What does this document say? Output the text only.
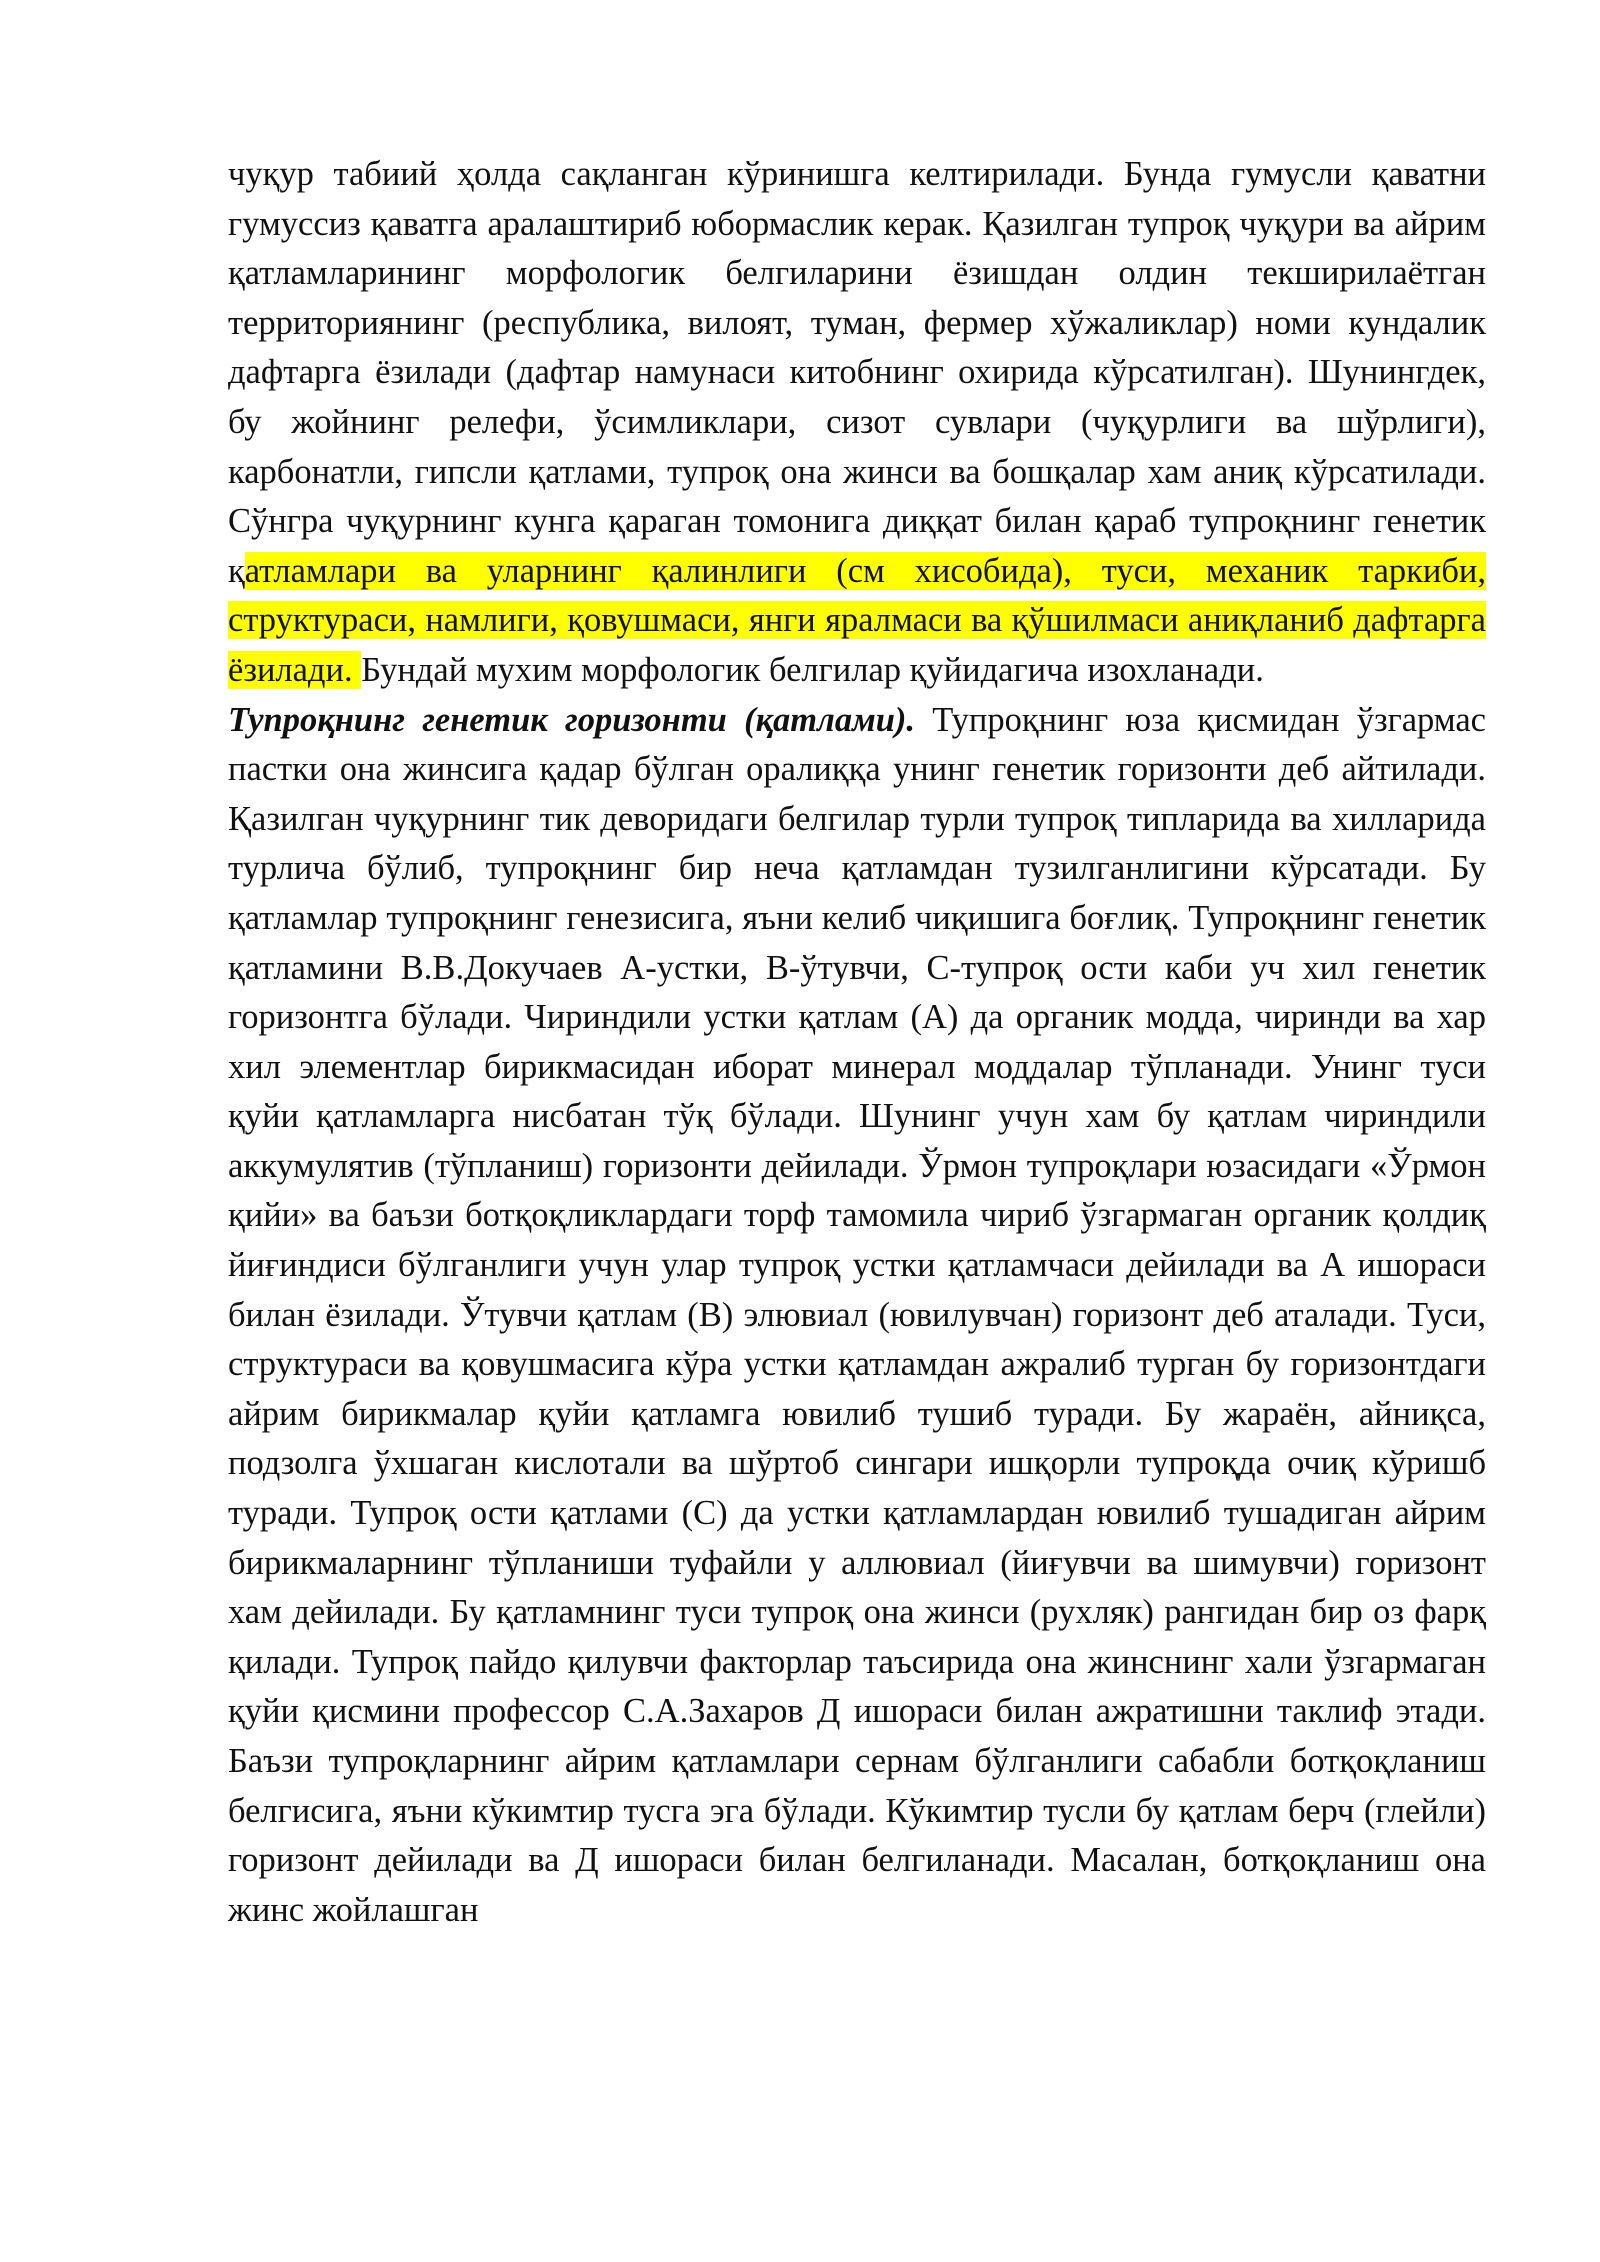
чуқур табиий ҳолда сақланган кўринишга келтирилади. Бунда гумусли қаватни гумуссиз қаватга аралаштириб юбормаслик керак. Қазилган тупроқ чуқури ва айрим қатламларининг морфологик белгиларини ёзишдан олдин текширилаётган территориянинг (республика, вилоят, туман, фермер хўжаликлар) номи кундалик дафтарга ёзилади (дафтар намунаси китобнинг охирида кўрсатилган). Шунингдек, бу жойнинг релефи, ўсимликлари, сизот сувлари (чуқурлиги ва шўрлиги), карбонатли, гипсли қатлами, тупроқ она жинси ва бошқалар хам аниқ кўрсатилади. Сўнгра чуқурнинг кунга қараган томонига диққат билан қараб тупроқнинг генетик қатламлари ва уларнинг қалинлиги (см хисобида), туси, механик таркиби, структураси, намлиги, қовушмаси, янги яралмаси ва қўшилмаси аниқланиб дафтарга ёзилади. Бундай мухим морфологик белгилар қуйидагича изохланади.

Тупроқнинг генетик горизонти (қатлами). Тупроқнинг юза қисмидан ўзгармас пастки она жинсига қадар бўлган оралиққа унинг генетик горизонти деб айтилади. Қазилган чуқурнинг тик деворидаги белгилар турли тупроқ типларида ва хилларида турлича бўлиб, тупроқнинг бир неча қатламдан тузилганлигини кўрсатади. Бу қатламлар тупроқнинг генезисига, яъни келиб чиқишига боғлиқ. Тупроқнинг генетик қатламини В.В.Докучаев А-устки, В-ўтувчи, С-тупроқ ости каби уч хил генетик горизонтга бўлади. Чириндили устки қатлам (А) да органик модда, чиринди ва хар хил элементлар бирикмасидан иборат минерал моддалар тўпланади. Унинг туси қуйи қатламларга нисбатан тўқ бўлади. Шунинг учун хам бу қатлам чириндили аккумулятив (тўпланиш) горизонти дейилади. Ўрмон тупроқлари юзасидаги «Ўрмон қийи» ва баъзи ботқоқликлардаги торф тамомила чириб ўзгармаган органик қолдиқ йиғиндиси бўлганлиги учун улар тупроқ устки қатламчаси дейилади ва А ишораси билан ёзилади. Ўтувчи қатлам (В) элювиал (ювилувчан) горизонт деб аталади. Туси, структураси ва қовушмасига кўра устки қатламдан ажралиб турган бу горизонтдаги айрим бирикмалар қуйи қатламга ювилиб тушиб туради. Бу жараён, айниқса, подзолга ўхшаган кислотали ва шўртоб сингари ишқорли тупроқда очиқ кўришб туради. Тупроқ ости қатлами (С) да устки қатламлардан ювилиб тушадиган айрим бирикмаларнинг тўпланиши туфайли у аллювиал (йиғувчи ва шимувчи) горизонт хам дейилади. Бу қатламнинг туси тупроқ она жинси (рухляк) рангидан бир оз фарқ қилади. Тупроқ пайдо қилувчи факторлар таъсирида она жинснинг хали ўзгармаган қуйи қисмини профессор С.А.Захаров Д ишораси билан ажратишни таклиф этади. Баъзи тупроқларнинг айрим қатламлари сернам бўлганлиги сабабли ботқоқланиш белгисига, яъни кўкимтир тусга эга бўлади. Кўкимтир тусли бу қатлам берч (глейли) горизонт дейилади ва Д ишораси билан белгиланади. Масалан, ботқоқланиш она жинс жойлашган
